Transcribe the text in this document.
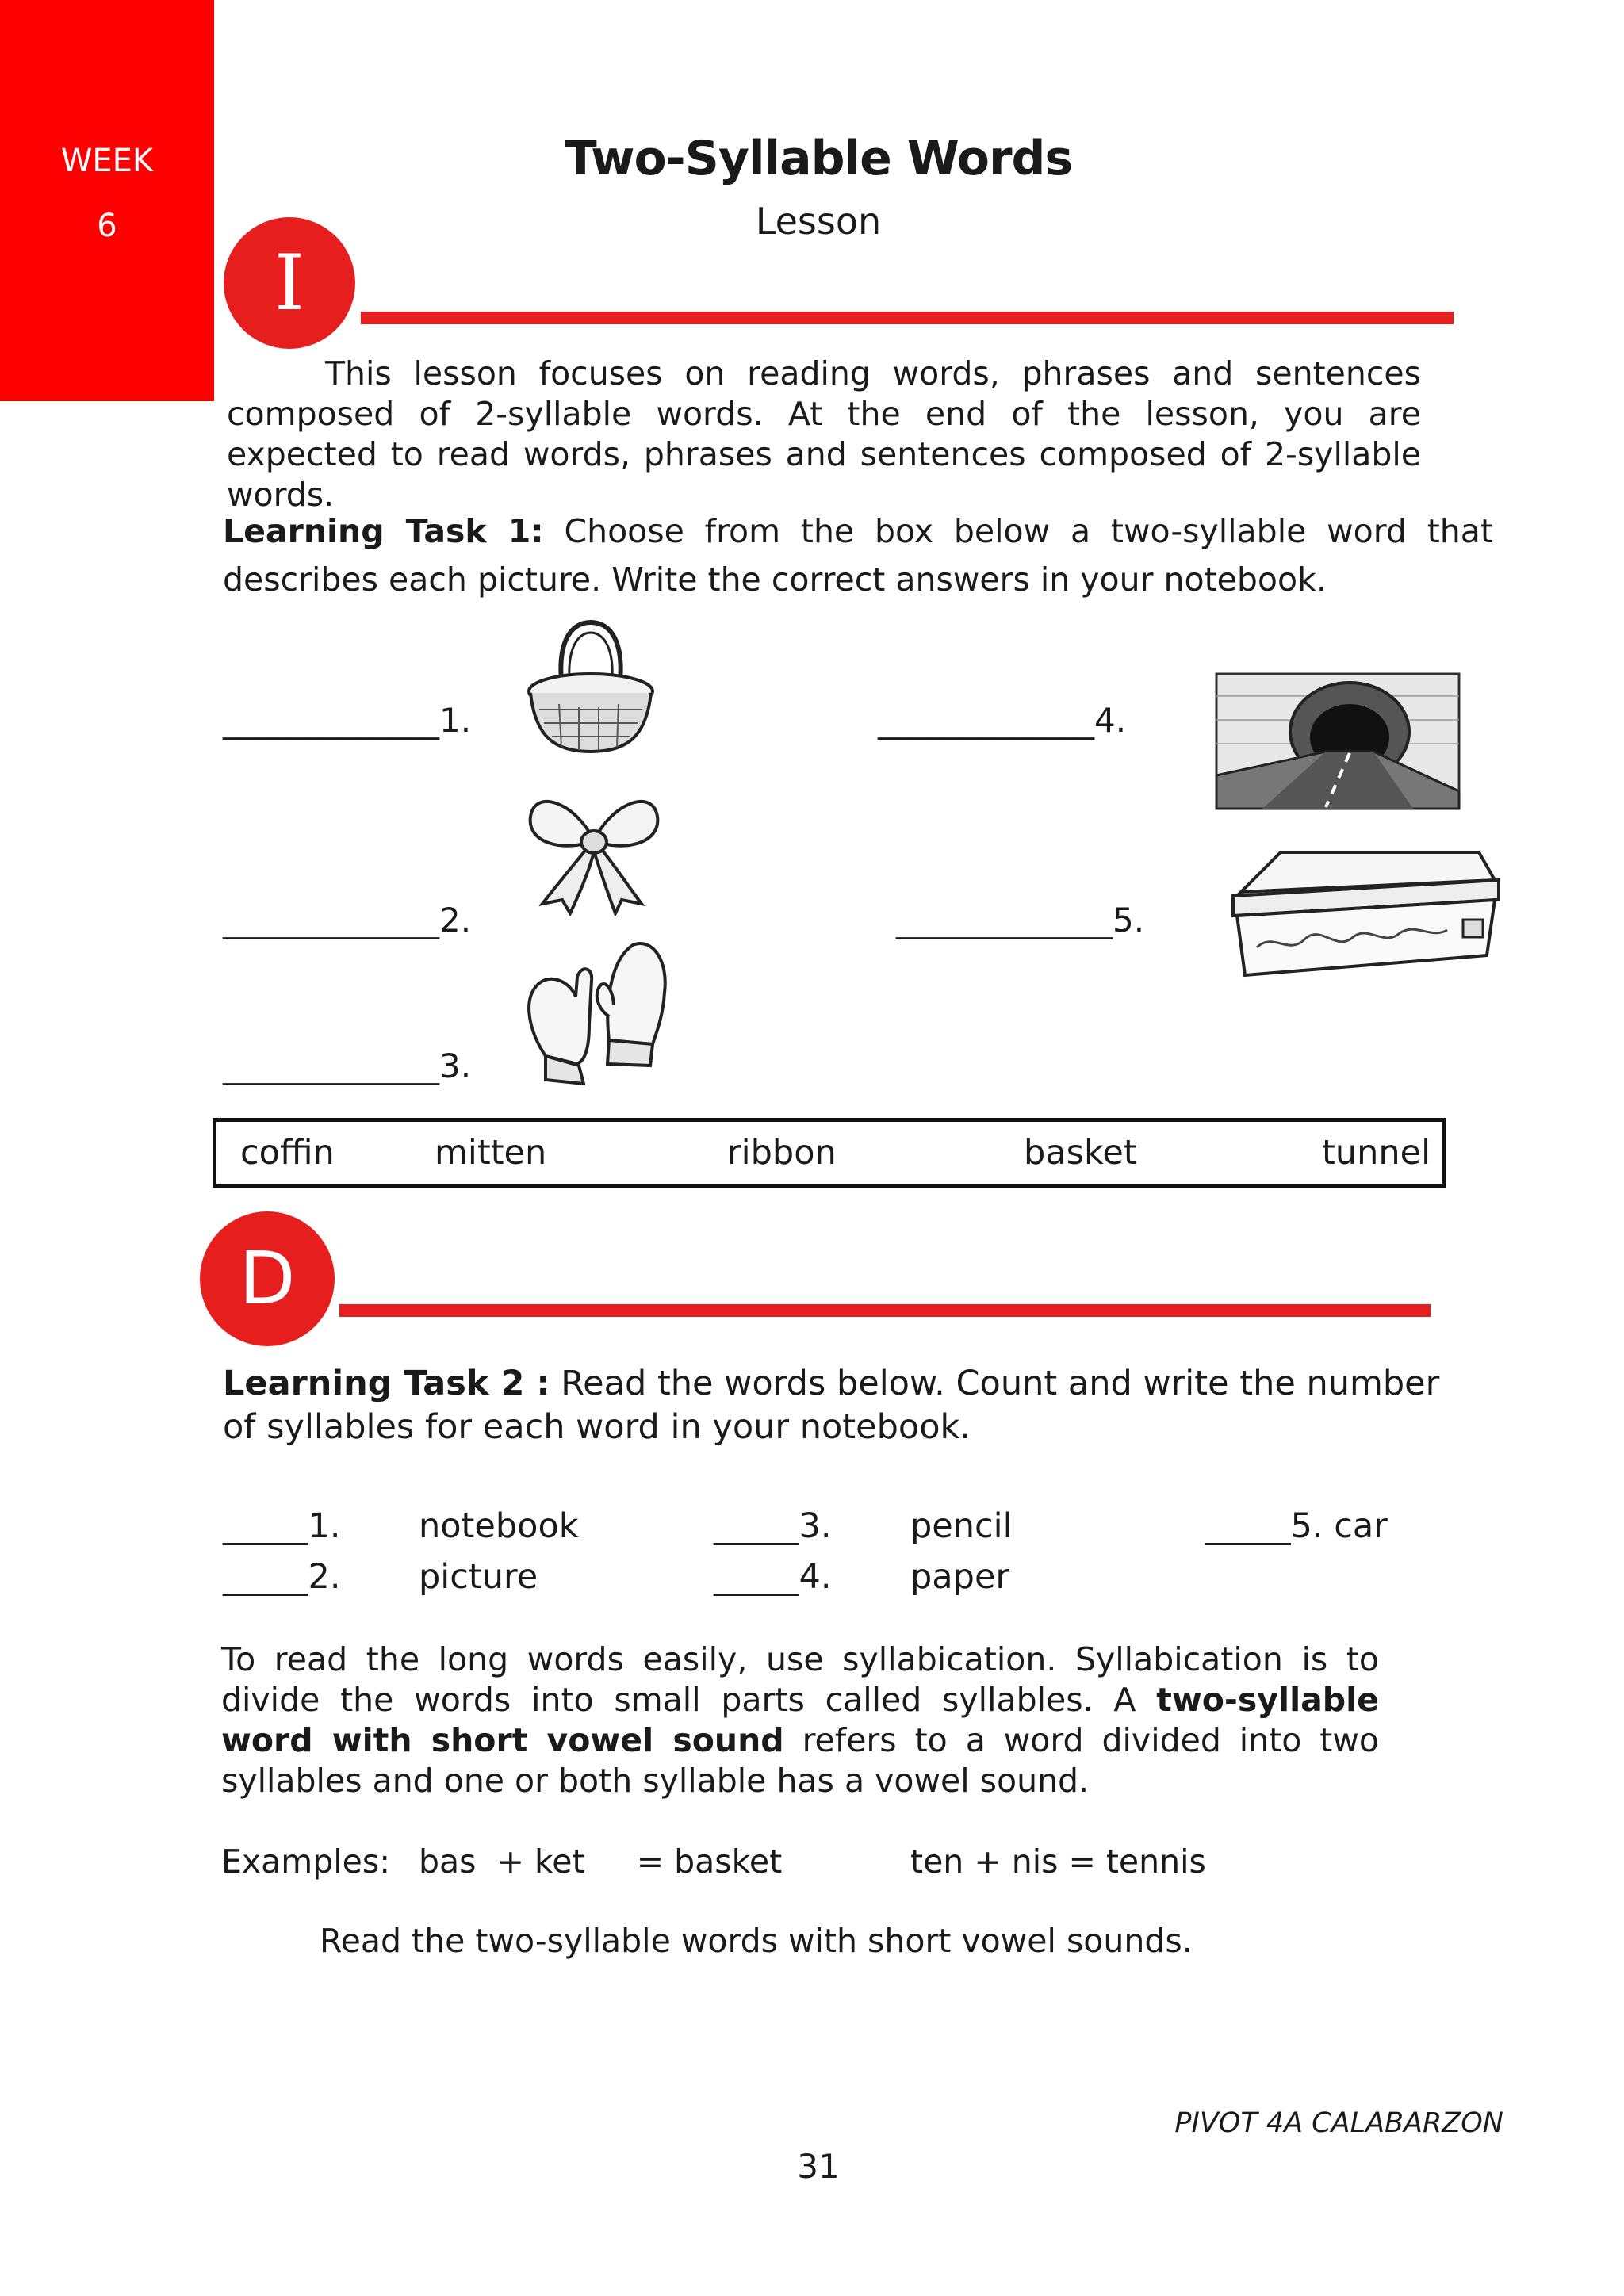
WEEK
6
Two-Syllable Words
Lesson
I
This lesson focuses on reading words, phrases and sentences composed of 2-syllable words. At the end of the lesson, you are expected to read words, phrases and sentences composed of 2-syllable words.
Learning Task 1: Choose from the box below a two-syllable word that describes each picture. Write the correct answers in your notebook.
_____________1.
_____________2.
_____________3.
_____________4.
_____________5.
coffin	mitten	ribbon	basket	tunnel
D
Learning Task 2 : Read the words below. Count and write the number of syllables for each word in your notebook.
_____1. notebook
_____2. picture
_____3. pencil
_____4. paper
_____5. car
To read the long words easily, use syllabication. Syllabication is to divide the words into small parts called syllables. A two-syllable word with short vowel sound refers to a word divided into two syllables and one or both syllable has a vowel sound.
Examples: bas  + ket     = basket	ten + nis = tennis
Read the two-syllable words with short vowel sounds.
PIVOT 4A CALABARZON
31
